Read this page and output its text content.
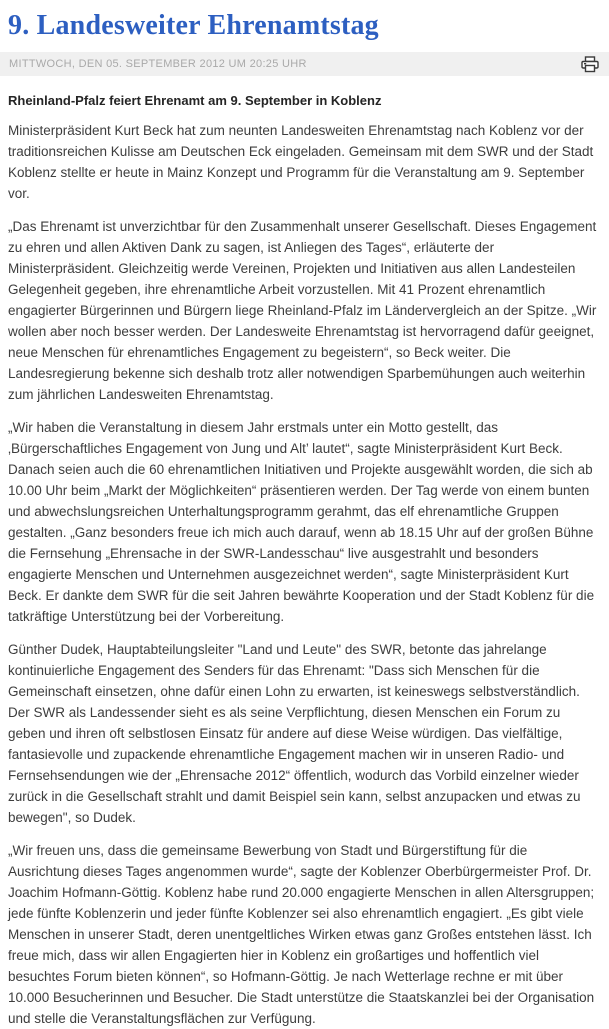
9. Landesweiter Ehrenamtstag
MITTWOCH, DEN 05. SEPTEMBER 2012 UM 20:25 UHR
Rheinland-Pfalz feiert Ehrenamt am 9. September in Koblenz

Ministerpräsident Kurt Beck hat zum neunten Landesweiten Ehrenamtstag nach Koblenz vor der traditionsreichen Kulisse am Deutschen Eck eingeladen. Gemeinsam mit dem SWR und der Stadt Koblenz stellte er heute in Mainz Konzept und Programm für die Veranstaltung am 9. September vor.

„Das Ehrenamt ist unverzichtbar für den Zusammenhalt unserer Gesellschaft. Dieses Engagement zu ehren und allen Aktiven Dank zu sagen, ist Anliegen des Tages“, erläuterte der Ministerpräsident. Gleichzeitig werde Vereinen, Projekten und Initiativen aus allen Landesteilen Gelegenheit gegeben, ihre ehrenamtliche Arbeit vorzustellen. Mit 41 Prozent ehrenamtlich engagierter Bürgerinnen und Bürgern liege Rheinland-Pfalz im Ländervergleich an der Spitze. „Wir wollen aber noch besser werden. Der Landesweite Ehrenamtstag ist hervorragend dafür geeignet, neue Menschen für ehrenamtliches Engagement zu begeistern“, so Beck weiter. Die Landesregierung bekenne sich deshalb trotz aller notwendigen Sparbemühungen auch weiterhin zum jährlichen Landesweiten Ehrenamtstag.

„Wir haben die Veranstaltung in diesem Jahr erstmals unter ein Motto gestellt, das ‚Bürgerschaftliches Engagement von Jung und Alt’ lautet“, sagte Ministerpräsident Kurt Beck. Danach seien auch die 60 ehrenamtlichen Initiativen und Projekte ausgewählt worden, die sich ab 10.00 Uhr beim „Markt der Möglichkeiten“ präsentieren werden. Der Tag werde von einem bunten und abwechslungsreichen Unterhaltungsprogramm gerahmt, das elf ehrenamtliche Gruppen gestalten. „Ganz besonders freue ich mich auch darauf, wenn ab 18.15 Uhr auf der großen Bühne die Fernsehung „Ehrensache in der SWR-Landesschau“ live ausgestrahlt und besonders engagierte Menschen und Unternehmen ausgezeichnet werden“, sagte Ministerpräsident Kurt Beck. Er dankte dem SWR für die seit Jahren bewährte Kooperation und der Stadt Koblenz für die tatkräftige Unterstützung bei der Vorbereitung.

Günther Dudek, Hauptabteilungsleiter "Land und Leute" des SWR, betonte das jahrelange kontinuierliche Engagement des Senders für das Ehrenamt: "Dass sich Menschen für die Gemeinschaft einsetzen, ohne dafür einen Lohn zu erwarten, ist keineswegs selbstverständlich. Der SWR als Landessender sieht es als seine Verpflichtung, diesen Menschen ein Forum zu geben und ihren oft selbstlosen Einsatz für andere auf diese Weise würdigen. Das vielfältige, fantasievolle und zupackende ehrenamtliche Engagement machen wir in unseren Radio- und Fernsehsendungen wie der „Ehrensache 2012“ öffentlich, wodurch das Vorbild einzelner wieder zurück in die Gesellschaft strahlt und damit Beispiel sein kann, selbst anzupacken und etwas zu bewegen", so Dudek.

„Wir freuen uns, dass die gemeinsame Bewerbung von Stadt und Bürgerstiftung für die Ausrichtung dieses Tages angenommen wurde“, sagte der Koblenzer Oberbürgermeister Prof. Dr. Joachim Hofmann-Göttig. Koblenz habe rund 20.000 engagierte Menschen in allen Altersgruppen; jede fünfte Koblenzerin und jeder fünfte Koblenzer sei also ehrenamtlich engagiert. „Es gibt viele Menschen in unserer Stadt, deren unentgeltliches Wirken etwas ganz Großes entstehen lässt. Ich freue mich, dass wir allen Engagierten hier in Koblenz ein großartiges und hoffentlich viel besuchtes Forum bieten können“, so Hofmann-Göttig. Je nach Wetterlage rechne er mit über 10.000 Besucherinnen und Besucher. Die Stadt unterstütze die Staatskanzlei bei der Organisation und stelle die Veranstaltungsflächen zur Verfügung.
